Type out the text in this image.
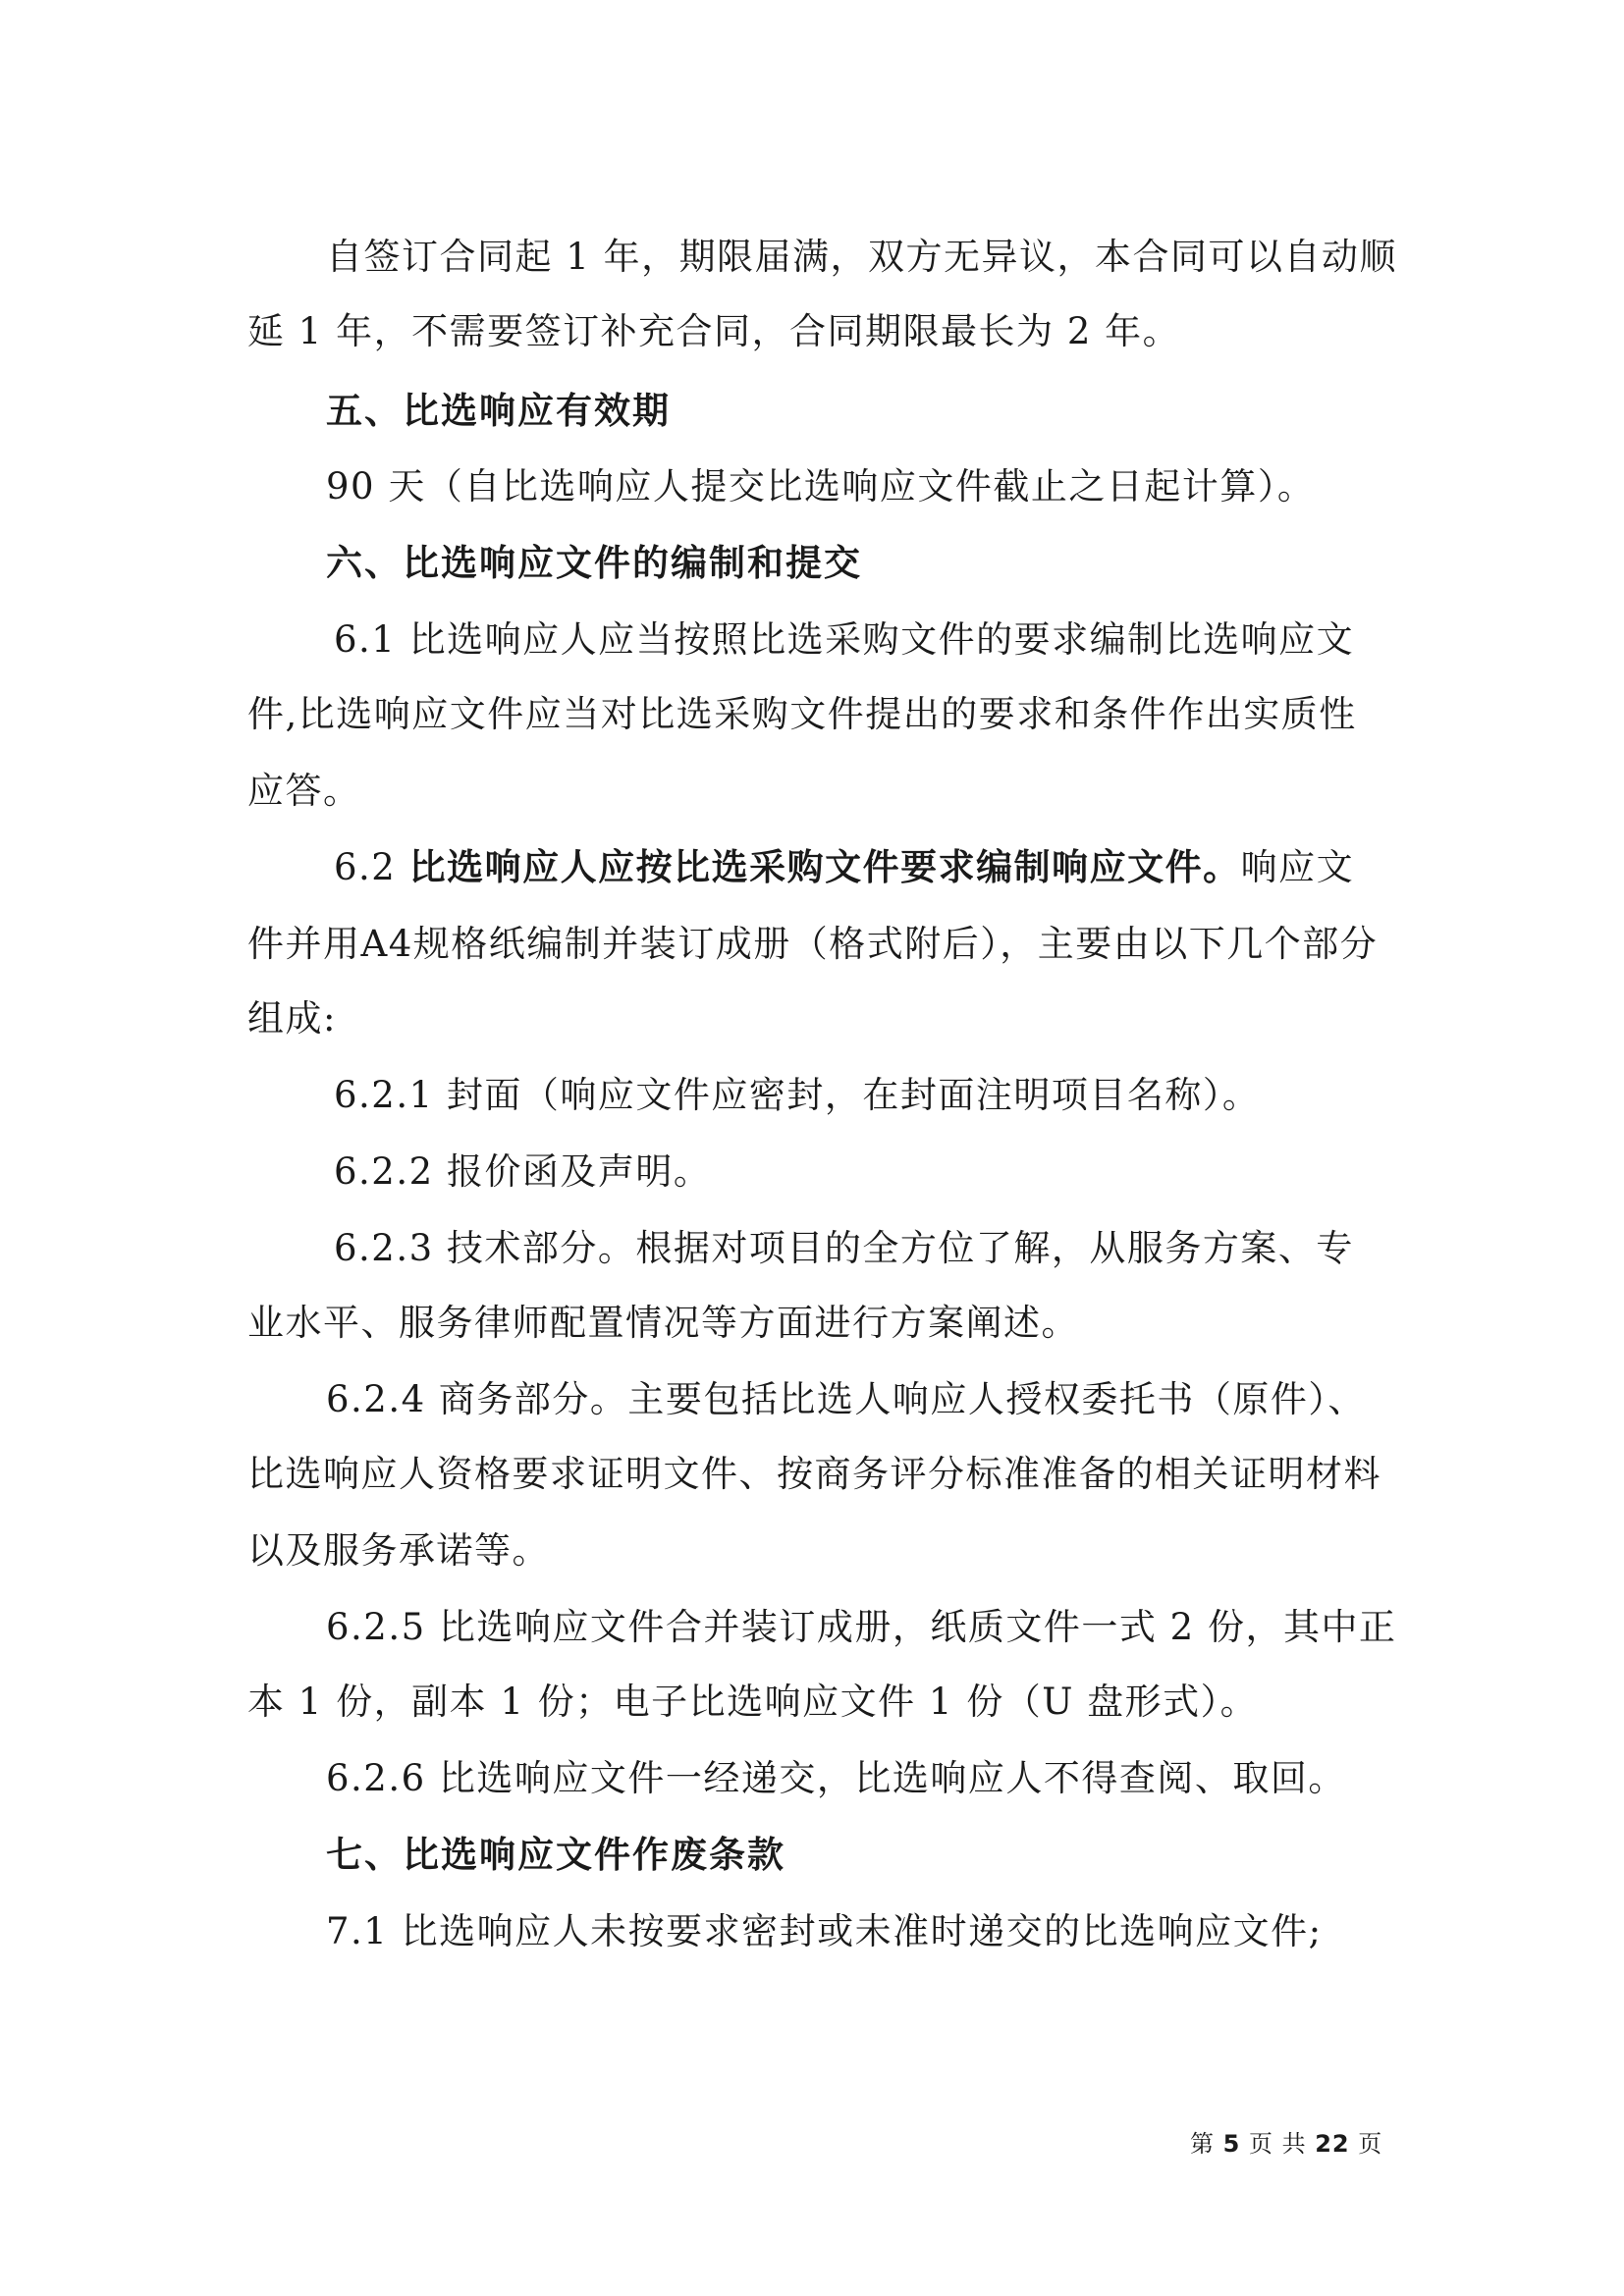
自签订合同起 1 年，期限届满，双方无异议，本合同可以自动顺
延 1 年，不需要签订补充合同，合同期限最长为 2 年。
五、比选响应有效期
90 天（自比选响应人提交比选响应文件截止之日起计算）。
六、比选响应文件的编制和提交
6.1 比选响应人应当按照比选采购文件的要求编制比选响应文
件,比选响应文件应当对比选采购文件提出的要求和条件作出实质性
应答。
6.2 比选响应人应按比选采购文件要求编制响应文件。响应文
件并用A4规格纸编制并装订成册（格式附后），主要由以下几个部分
组成:
6.2.1 封面（响应文件应密封，在封面注明项目名称）。
6.2.2 报价函及声明。
6.2.3 技术部分。根据对项目的全方位了解，从服务方案、专
业水平、服务律师配置情况等方面进行方案阐述。
6.2.4 商务部分。主要包括比选人响应人授权委托书（原件）、
比选响应人资格要求证明文件、按商务评分标准准备的相关证明材料
以及服务承诺等。
6.2.5 比选响应文件合并装订成册，纸质文件一式 2 份，其中正
本 1 份，副本 1 份；电子比选响应文件 1 份（U 盘形式）。
6.2.6 比选响应文件一经递交，比选响应人不得查阅、取回。
七、比选响应文件作废条款
7.1 比选响应人未按要求密封或未准时递交的比选响应文件;
第 5 页 共 22 页
